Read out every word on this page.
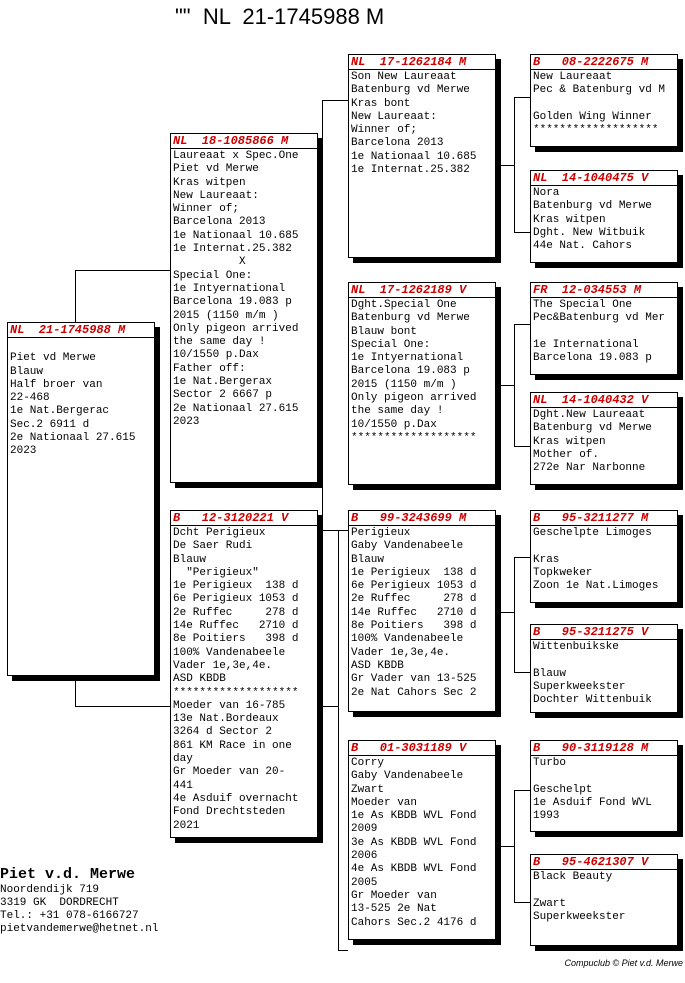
""  NL  21-1745988 M
NL  21-1745988 M

Piet vd Merwe
Blauw
Half broer van
22-468
1e Nat.Bergerac
Sec.2 6911 d
2e Nationaal 27.615
2023
NL  18-1085866 M
Laureaat x Spec.One
Piet vd Merwe
Kras witpen
New Laureaat:
Winner of;
Barcelona 2013
1e Nationaal 10.685
1e Internat.25.382
X
Special One:
1e Intyernational
Barcelona 19.083 p
2015 (1150 m/m )
Only pigeon arrived
the same day !
10/1550 p.Dax
Father off:
1e Nat.Bergerax
Sector 2 6667 p
2e Nationaal 27.615
2023
B   12-3120221 V
Dcht Perigieux
De Saer Rudi
Blauw
"Perigieux"
1e Perigieux  138 d
6e Perigieux 1053 d
2e Ruffec     278 d
14e Ruffec   2710 d
8e Poitiers   398 d
100% Vandenabeele
Vader 1e,3e,4e.
ASD KBDB
*******************
Moeder van 16-785
13e Nat.Bordeaux
3264 d Sector 2
861 KM Race in one
day
Gr Moeder van 20-
441
4e Asduif overnacht
Fond Drechtsteden
2021
NL  17-1262184 M
Son New Laureaat
Batenburg vd Merwe
Kras bont
New Laureaat:
Winner of;
Barcelona 2013
1e Nationaal 10.685
1e Internat.25.382
NL  17-1262189 V
Dght.Special One
Batenburg vd Merwe
Blauw bont
Special One:
1e Intyernational
Barcelona 19.083 p
2015 (1150 m/m )
Only pigeon arrived
the same day !
10/1550 p.Dax
*******************
B   99-3243699 M
Perigieux
Gaby Vandenabeele
Blauw
1e Perigieux  138 d
6e Perigieux 1053 d
2e Ruffec     278 d
14e Ruffec   2710 d
8e Poitiers   398 d
100% Vandenabeele
Vader 1e,3e,4e.
ASD KBDB
Gr Vader van 13-525
2e Nat Cahors Sec 2
B   01-3031189 V
Corry
Gaby Vandenabeele
Zwart
Moeder van
1e As KBDB WVL Fond
2009
3e As KBDB WVL Fond
2006
4e As KBDB WVL Fond
2005
Gr Moeder van
13-525 2e Nat
Cahors Sec.2 4176 d
B   08-2222675 M
New Laureaat
Pec & Batenburg vd M

Golden Wing Winner
*******************
NL  14-1040475 V
Nora
Batenburg vd Merwe
Kras witpen
Dght. New Witbuik
44e Nat. Cahors
FR  12-034553 M
The Special One
Pec&Batenburg vd Mer

1e International
Barcelona 19.083 p
NL  14-1040432 V
Dght.New Laureaat
Batenburg vd Merwe
Kras witpen
Mother of.
272e Nar Narbonne
B   95-3211277 M
Geschelpte Limoges

Kras
Topkweker
Zoon 1e Nat.Limoges
B   95-3211275 V
Wittenbuikske

Blauw
Superkweekster
Dochter Wittenbuik
B   90-3119128 M
Turbo

Geschelpt
1e Asduif Fond WVL
1993
B   95-4621307 V
Black Beauty

Zwart
Superkweekster
Piet v.d. Merwe
Noordendijk 719
3319 GK  DORDRECHT
Tel.: +31 078-6166727
pietvandemerwe@hetnet.nl
Compuclub © Piet v.d. Merwe
